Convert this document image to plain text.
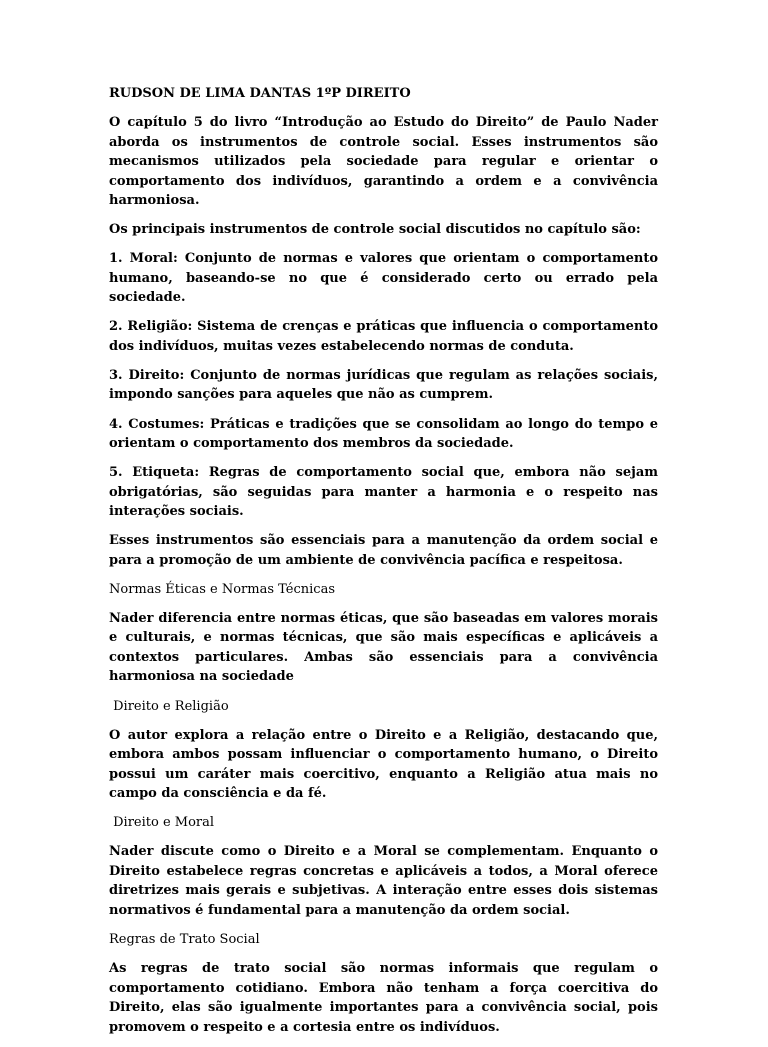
RUDSON DE LIMA DANTAS 1ºP DIREITO

O capítulo 5 do livro “Introdução ao Estudo do Direito” de Paulo Nader aborda os instrumentos de controle social. Esses instrumentos são mecanismos utilizados pela sociedade para regular e orientar o comportamento dos indivíduos, garantindo a ordem e a convivência harmoniosa.

Os principais instrumentos de controle social discutidos no capítulo são:

1. Moral: Conjunto de normas e valores que orientam o comportamento humano, baseando-se no que é considerado certo ou errado pela sociedade.

2. Religião: Sistema de crenças e práticas que influencia o comportamento dos indivíduos, muitas vezes estabelecendo normas de conduta.

3. Direito: Conjunto de normas jurídicas que regulam as relações sociais, impondo sanções para aqueles que não as cumprem.

4. Costumes: Práticas e tradições que se consolidam ao longo do tempo e orientam o comportamento dos membros da sociedade.

5. Etiqueta: Regras de comportamento social que, embora não sejam obrigatórias, são seguidas para manter a harmonia e o respeito nas interações sociais.

Esses instrumentos são essenciais para a manutenção da ordem social e para a promoção de um ambiente de convivência pacífica e respeitosa.

Normas Éticas e Normas Técnicas

Nader diferencia entre normas éticas, que são baseadas em valores morais e culturais, e normas técnicas, que são mais específicas e aplicáveis a contextos particulares. Ambas são essenciais para a convivência harmoniosa na sociedade

Direito e Religião

O autor explora a relação entre o Direito e a Religião, destacando que, embora ambos possam influenciar o comportamento humano, o Direito possui um caráter mais coercitivo, enquanto a Religião atua mais no campo da consciência e da fé.

Direito e Moral

Nader discute como o Direito e a Moral se complementam. Enquanto o Direito estabelece regras concretas e aplicáveis a todos, a Moral oferece diretrizes mais gerais e subjetivas. A interação entre esses dois sistemas normativos é fundamental para a manutenção da ordem social.

Regras de Trato Social

As regras de trato social são normas informais que regulam o comportamento cotidiano. Embora não tenham a força coercitiva do Direito, elas são igualmente importantes para a convivência social, pois promovem o respeito e a cortesia entre os indivíduos.
